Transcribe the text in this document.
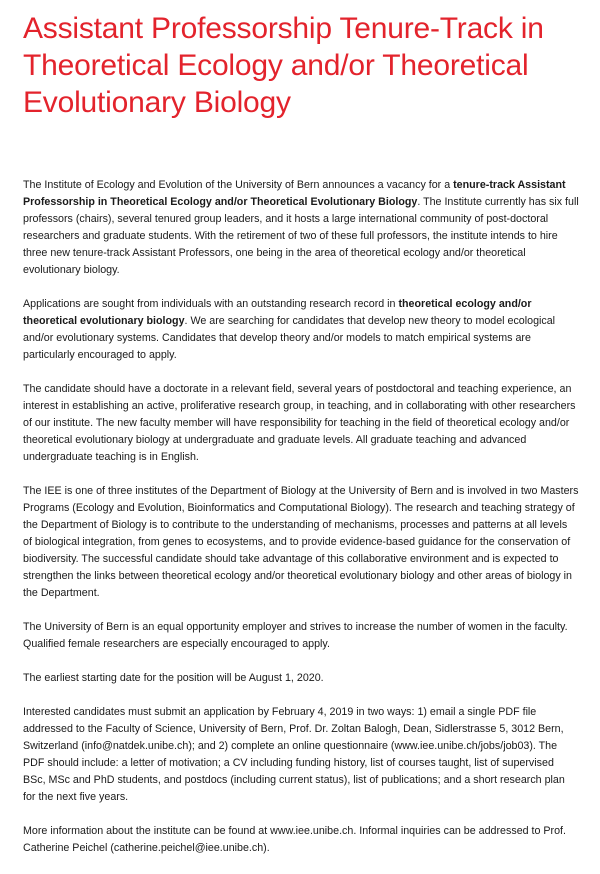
Assistant Professorship Tenure-Track in Theoretical Ecology and/or Theoretical Evolutionary Biology

The Institute of Ecology and Evolution of the University of Bern announces a vacancy for a tenure-track Assistant Professorship in Theoretical Ecology and/or Theoretical Evolutionary Biology. The Institute currently has six full professors (chairs), several tenured group leaders, and it hosts a large international community of post-doctoral researchers and graduate students. With the retirement of two of these full professors, the institute intends to hire three new tenure-track Assistant Professors, one being in the area of theoretical ecology and/or theoretical evolutionary biology.

Applications are sought from individuals with an outstanding research record in theoretical ecology and/or theoretical evolutionary biology. We are searching for candidates that develop new theory to model ecological and/or evolutionary systems. Candidates that develop theory and/or models to match empirical systems are particularly encouraged to apply.

The candidate should have a doctorate in a relevant field, several years of postdoctoral and teaching experience, an interest in establishing an active, proliferative research group, in teaching, and in collaborating with other researchers of our institute. The new faculty member will have responsibility for teaching in the field of theoretical ecology and/or theoretical evolutionary biology at undergraduate and graduate levels. All graduate teaching and advanced undergraduate teaching is in English.

The IEE is one of three institutes of the Department of Biology at the University of Bern and is involved in two Masters Programs (Ecology and Evolution, Bioinformatics and Computational Biology). The research and teaching strategy of the Department of Biology is to contribute to the understanding of mechanisms, processes and patterns at all levels of biological integration, from genes to ecosystems, and to provide evidence-based guidance for the conservation of biodiversity. The successful candidate should take advantage of this collaborative environment and is expected to strengthen the links between theoretical ecology and/or theoretical evolutionary biology and other areas of biology in the Department.

The University of Bern is an equal opportunity employer and strives to increase the number of women in the faculty. Qualified female researchers are especially encouraged to apply.

The earliest starting date for the position will be August 1, 2020.

Interested candidates must submit an application by February 4, 2019 in two ways: 1) email a single PDF file addressed to the Faculty of Science, University of Bern, Prof. Dr. Zoltan Balogh, Dean, Sidlerstrasse 5, 3012 Bern, Switzerland (info@natdek.unibe.ch); and 2) complete an online questionnaire (www.iee.unibe.ch/jobs/job03). The PDF should include: a letter of motivation; a CV including funding history, list of courses taught, list of supervised BSc, MSc and PhD students, and postdocs (including current status), list of publications; and a short research plan for the next five years.

More information about the institute can be found at www.iee.unibe.ch. Informal inquiries can be addressed to Prof. Catherine Peichel (catherine.peichel@iee.unibe.ch).
